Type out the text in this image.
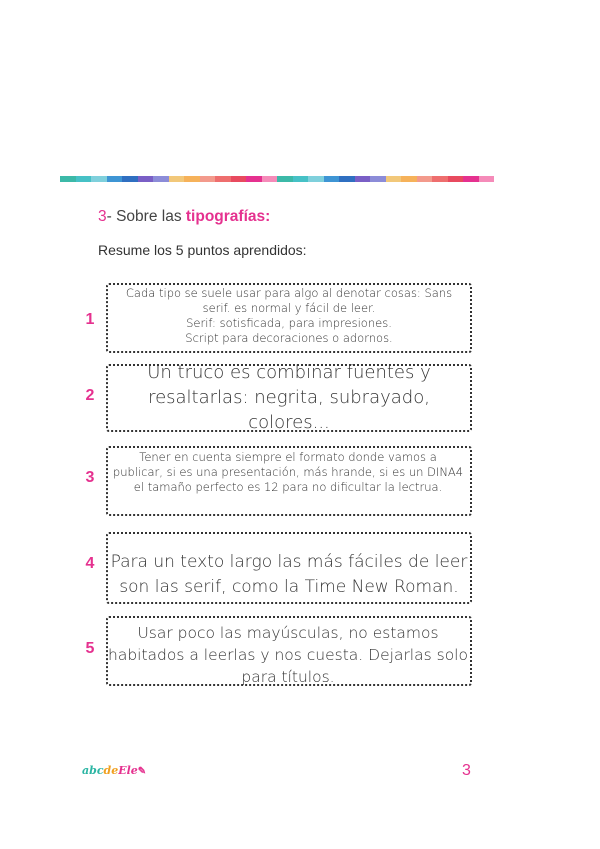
3- Sobre las tipografías:
Resume los 5 puntos aprendidos:
1
Cada tipo se suele usar para algo al denotar cosas: Sans
serif. es normal y fácil de leer.
Serif: sotisficada, para impresiones.
Script para decoraciones o adornos.
2
Un truco es combinar fuentes y
resaltarlas: negrita, subrayado,
colores...
3
Tener en cuenta siempre el formato donde vamos a
publicar, si es una presentación, más hrande, si es un DINA4
el tamaño perfecto es 12 para no dificultar la lectrua.
4 Para un texto largo las más fáciles de leer
son las serif, como la Time New Roman.
5
Usar poco las mayúsculas, no estamos
habitados a leerlas y nos cuesta. Dejarlas solo
para títulos.
abcdeEle✎	3
